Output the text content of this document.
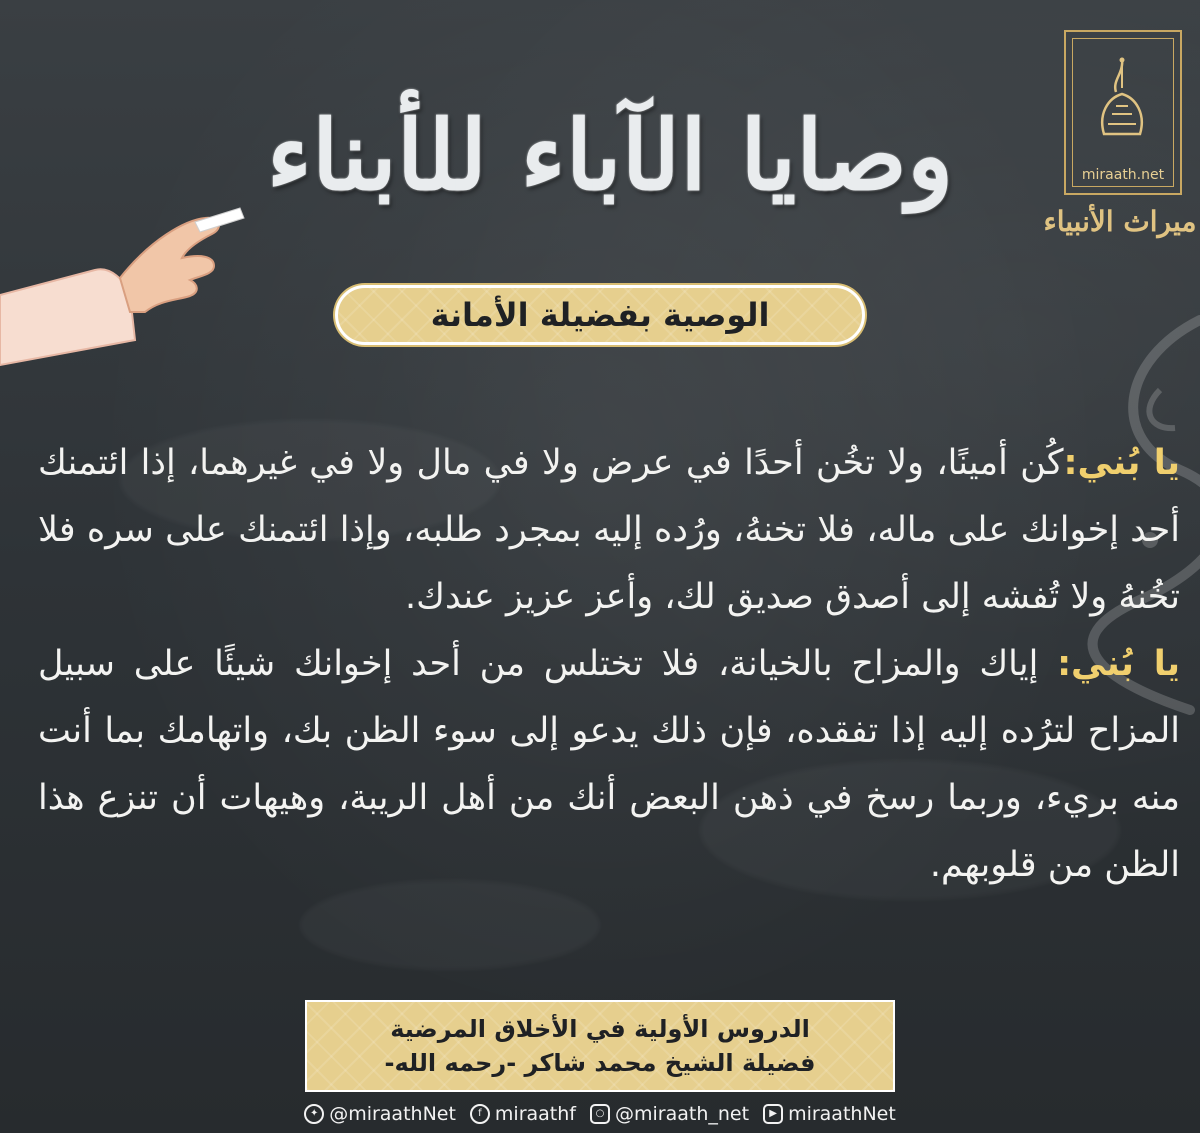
miraath.net
ميراث الأنبياء
وصايا الآباء للأبناء
الوصية بفضيلة الأمانة

يا بُني:كُن أمينًا، ولا تخُن أحدًا في عرض ولا في مال ولا في غيرهما، إذا ائتمنك أحد إخوانك على ماله، فلا تخنهُ، ورُده إليه بمجرد طلبه، وإذا ائتمنك على سره فلا تخُنهُ ولا تُفشه إلى أصدق صديق لك، وأعز عزيز عندك.

يا بُني: إياك والمزاح بالخيانة، فلا تختلس من أحد إخوانك شيئًا على سبيل المزاح لترُده إليه إذا تفقده، فإن ذلك يدعو إلى سوء الظن بك، واتهامك بما أنت منه بريء، وربما رسخ في ذهن البعض أنك من أهل الريبة، وهيهات أن تنزع هذا الظن من قلوبهم.

الدروس الأولية في الأخلاق المرضية
فضيلة الشيخ محمد شاكر -رحمه الله-
✦ @miraathNet	f miraathf	○ @miraath_net	▶ miraathNet
